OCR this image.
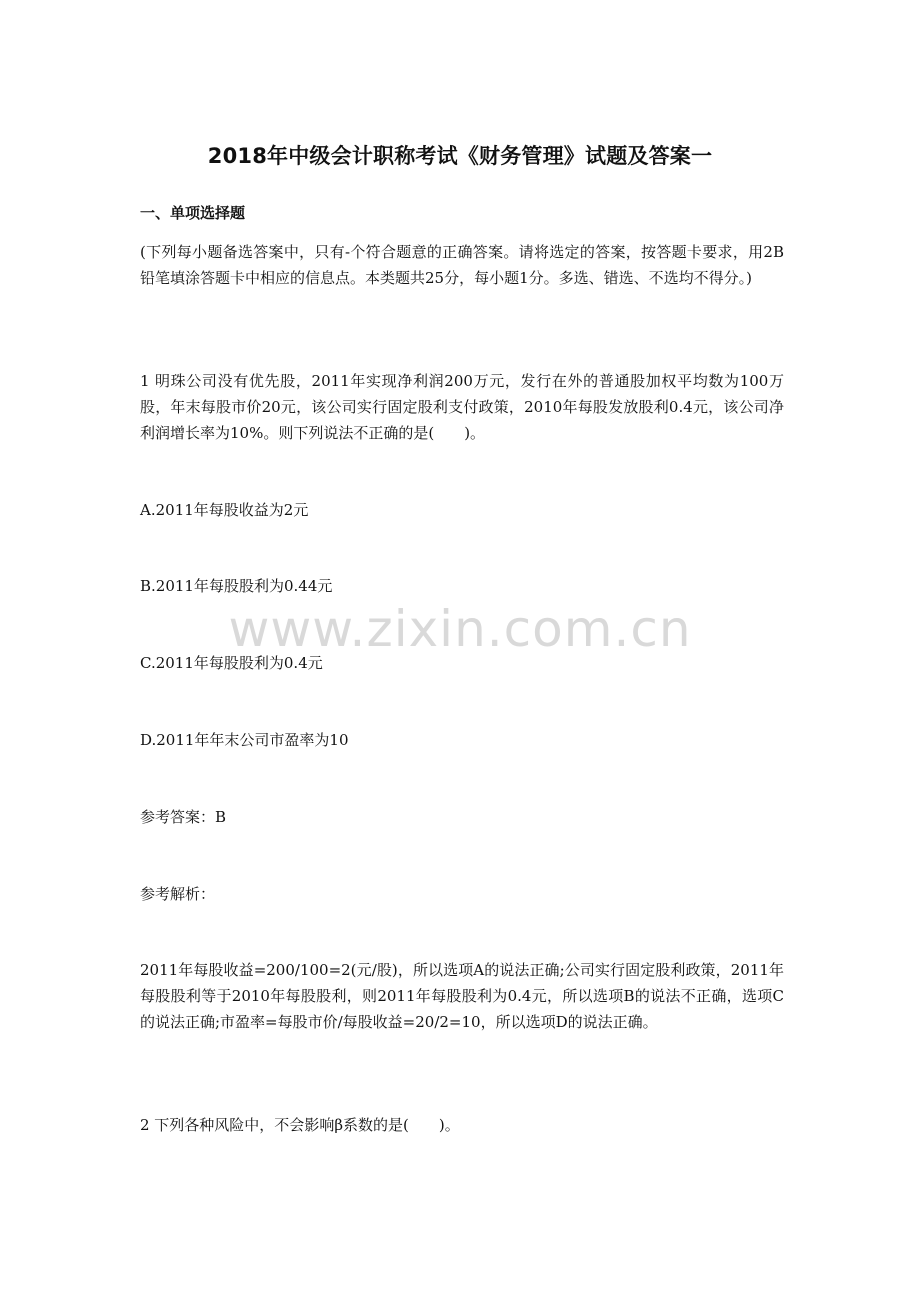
www.zixin.com.cn
2018年中级会计职称考试《财务管理》试题及答案一
一、单项选择题
(下列每小题备选答案中，只有-个符合题意的正确答案。请将选定的答案，按答题卡要求，用2B铅笔填涂答题卡中相应的信息点。本类题共25分，每小题1分。多选、错选、不选均不得分。)
1 明珠公司没有优先股，2011年实现净利润200万元，发行在外的普通股加权平均数为100万股，年末每股市价20元，该公司实行固定股利支付政策，2010年每股发放股利0.4元，该公司净利润增长率为10%。则下列说法不正确的是(　　)。
A.2011年每股收益为2元
B.2011年每股股利为0.44元
C.2011年每股股利为0.4元
D.2011年年末公司市盈率为10
参考答案：B
参考解析：
2011年每股收益=200/100=2(元/股)，所以选项A的说法正确;公司实行固定股利政策，2011年每股股利等于2010年每股股利，则2011年每股股利为0.4元，所以选项B的说法不正确，选项C的说法正确;市盈率=每股市价/每股收益=20/2=10，所以选项D的说法正确。
2 下列各种风险中，不会影响β系数的是(　　)。
